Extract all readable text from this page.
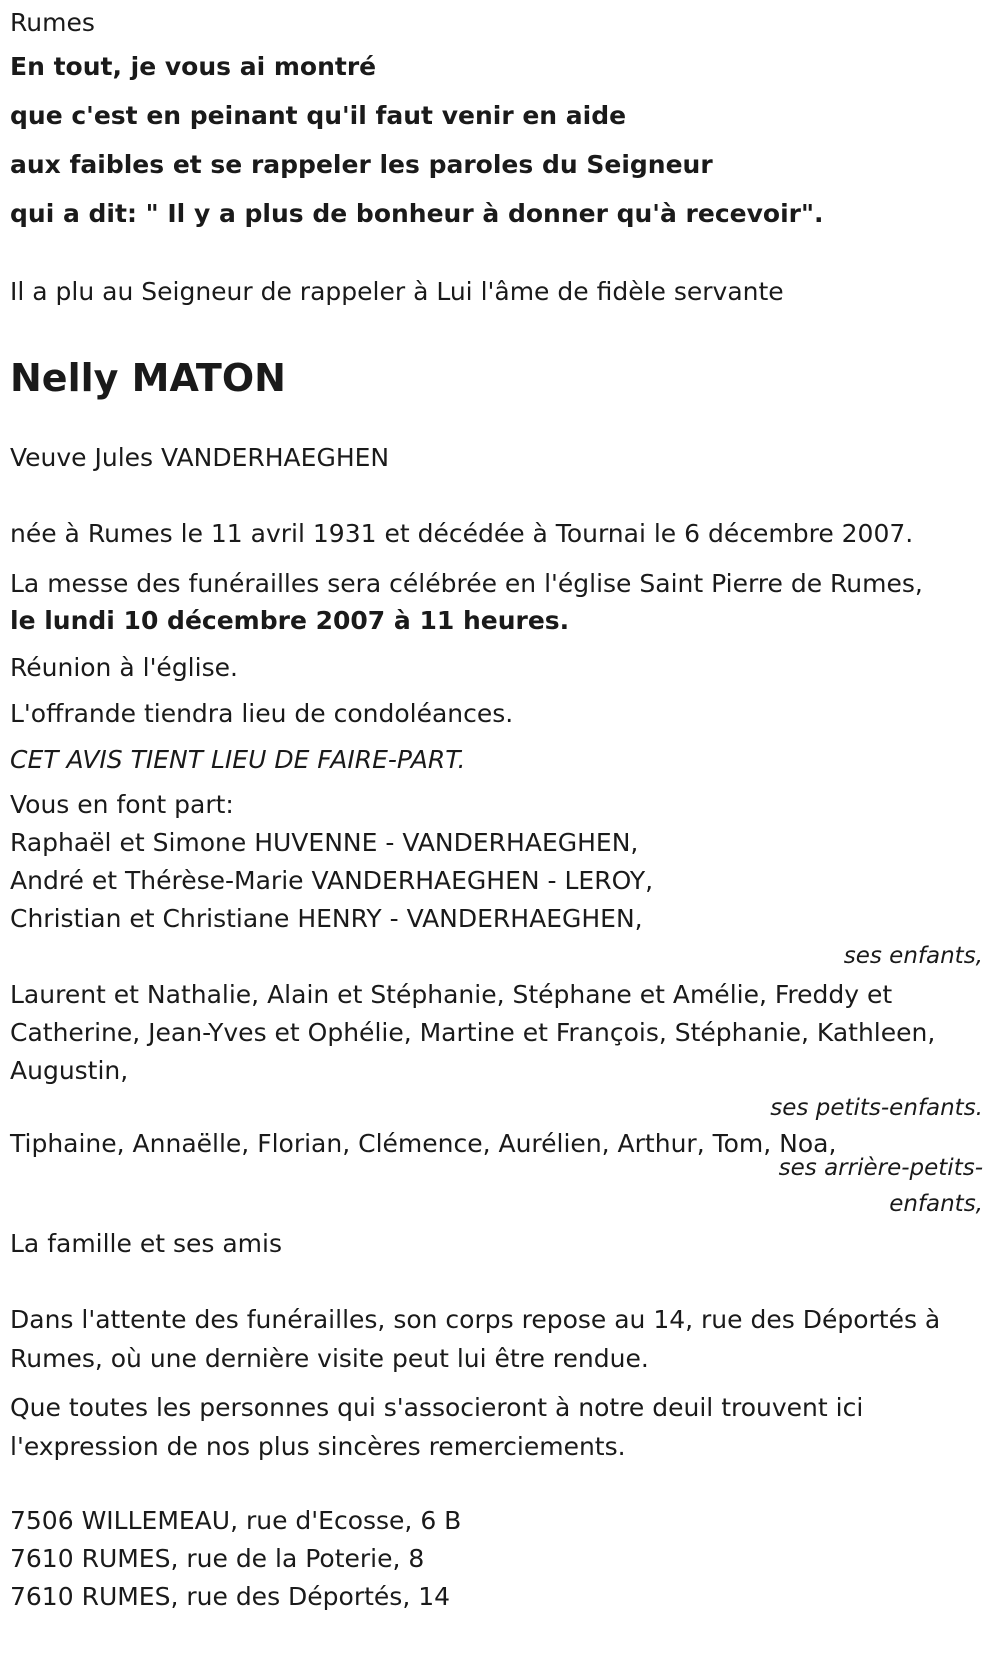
Rumes

En tout, je vous ai montré

que c'est en peinant qu'il faut venir en aide

aux faibles et se rappeler les paroles du Seigneur

qui a dit: " Il y a plus de bonheur à donner qu'à recevoir".

Il a plu au Seigneur de rappeler à Lui l'âme de fidèle servante

Nelly MATON

Veuve Jules VANDERHAEGHEN

née à Rumes le 11 avril 1931 et décédée à Tournai le 6 décembre 2007.

La messe des funérailles sera célébrée en l'église Saint Pierre de Rumes,

le lundi 10 décembre 2007 à 11 heures.

Réunion à l'église.

L'offrande tiendra lieu de condoléances.

CET AVIS TIENT LIEU DE FAIRE-PART.

Vous en font part:

Raphaël et Simone HUVENNE - VANDERHAEGHEN,

André et Thérèse-Marie VANDERHAEGHEN - LEROY,

Christian et Christiane HENRY - VANDERHAEGHEN,

ses enfants,

Laurent et Nathalie, Alain et Stéphanie, Stéphane et Amélie, Freddy et Catherine, Jean-Yves et Ophélie, Martine et François, Stéphanie, Kathleen, Augustin,

ses petits-enfants.

Tiphaine, Annaëlle, Florian, Clémence, Aurélien, Arthur, Tom, Noa,

ses arrière-petits-
enfants,

La famille et ses amis

Dans l'attente des funérailles, son corps repose au 14, rue des Déportés à Rumes, où une dernière visite peut lui être rendue.

Que toutes les personnes qui s'associeront à notre deuil trouvent ici l'expression de nos plus sincères remerciements.

7506 WILLEMEAU, rue d'Ecosse, 6 B

7610 RUMES, rue de la Poterie, 8

7610 RUMES, rue des Déportés, 14
